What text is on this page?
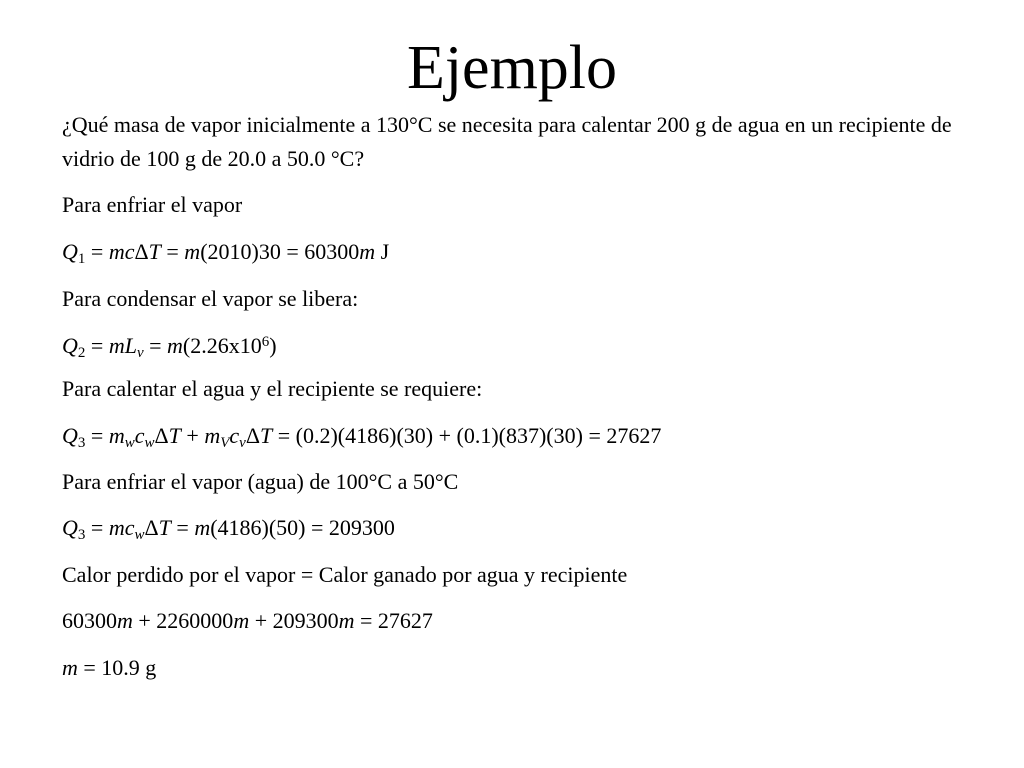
Ejemplo
¿Qué masa de vapor inicialmente a 130°C se necesita para calentar 200 g de agua en un recipiente de vidrio de 100 g de 20.0 a 50.0 °C?
Para enfriar el vapor
$Q_1 = mc\Delta T = m(2010)30 = 60300m$ J
Para condensar el vapor se libera:
$Q_2 = mL_v = m(2.26x10^6)$
Para calentar el agua y el recipiente se requiere:
$Q_3 = m_wc_w\Delta T + m_Vc_v\Delta T = (0.2)(4186)(30) + (0.1)(837)(30) = 27627$
Para enfriar el vapor (agua) de 100°C a 50°C
$Q_3 = mc_w\Delta T = m(4186)(50) = 209300$
Calor perdido por el vapor = Calor ganado por agua y recipiente
60300m + 2260000m + 209300m = 27627
m = 10.9 g
